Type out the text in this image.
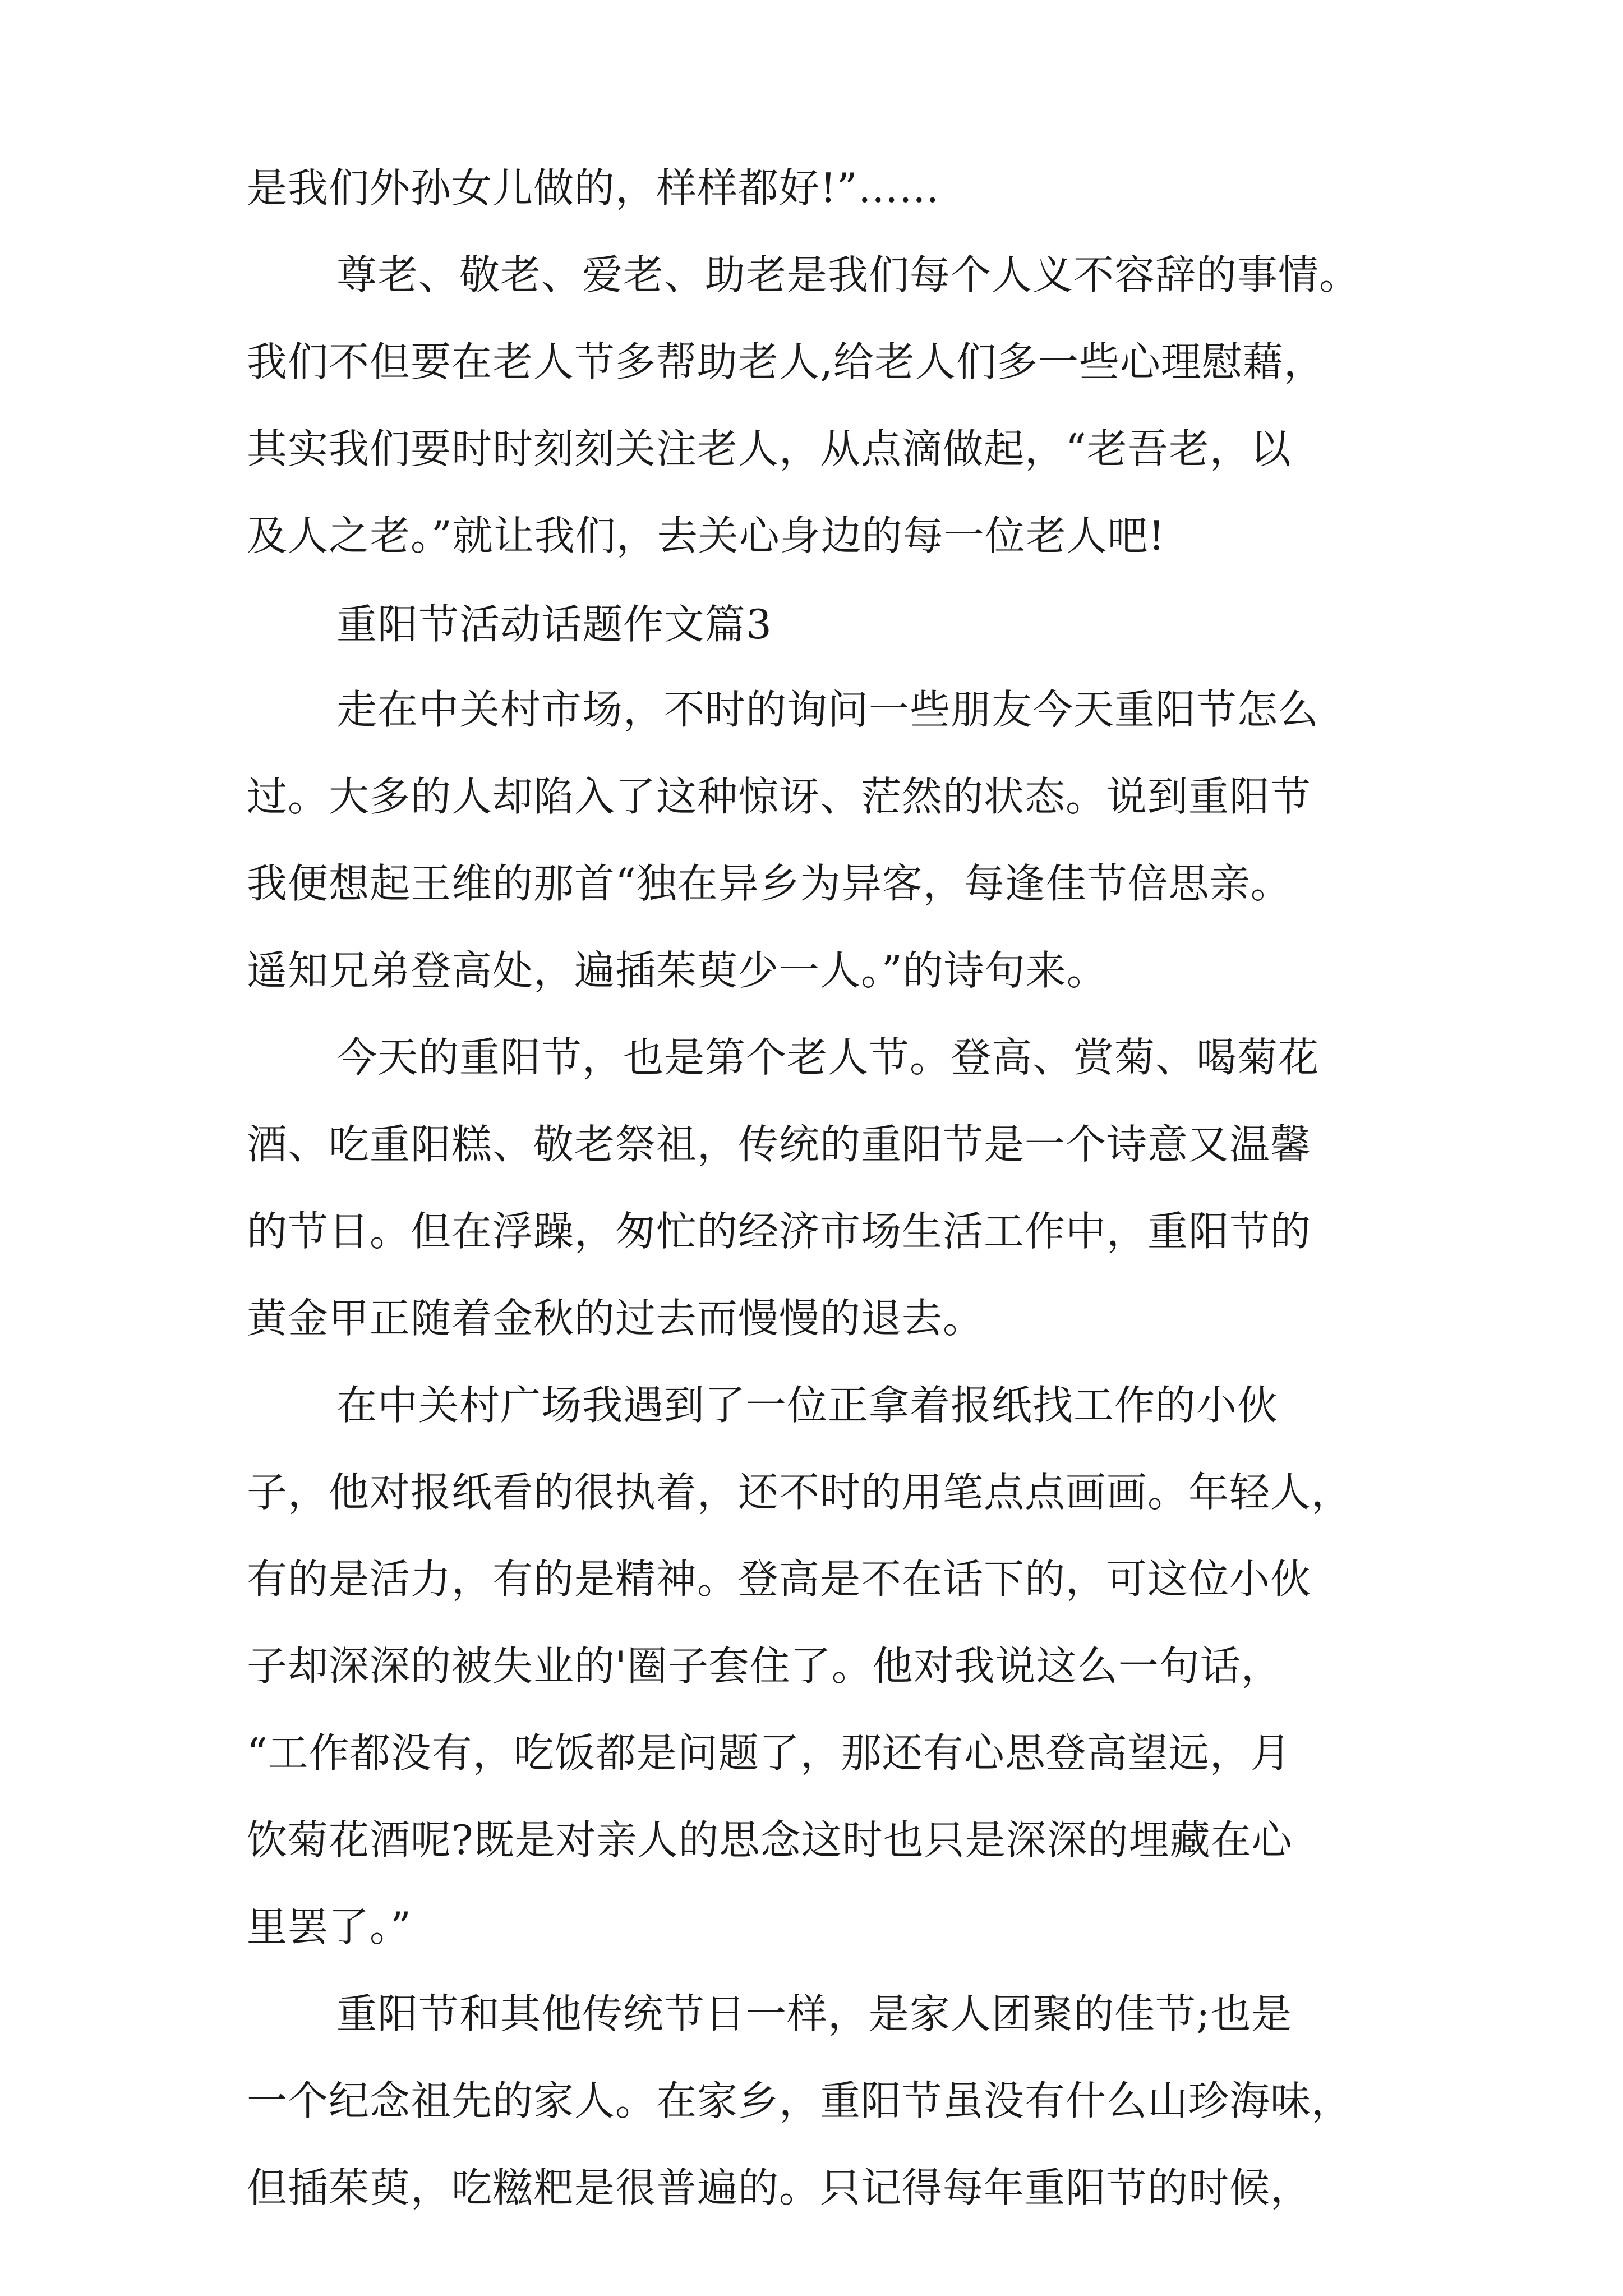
是我们外孙女儿做的，样样都好!”……
尊老、敬老、爱老、助老是我们每个人义不容辞的事情。
我们不但要在老人节多帮助老人,给老人们多一些心理慰藉，
其实我们要时时刻刻关注老人，从点滴做起，“老吾老，以
及人之老。”就让我们，去关心身边的每一位老人吧!
重阳节活动话题作文篇3
走在中关村市场，不时的询问一些朋友今天重阳节怎么
过。大多的人却陷入了这种惊讶、茫然的状态。说到重阳节
我便想起王维的那首“独在异乡为异客，每逢佳节倍思亲。
遥知兄弟登高处，遍插茱萸少一人。”的诗句来。
今天的重阳节，也是第个老人节。登高、赏菊、喝菊花
酒、吃重阳糕、敬老祭祖，传统的重阳节是一个诗意又温馨
的节日。但在浮躁，匆忙的经济市场生活工作中，重阳节的
黄金甲正随着金秋的过去而慢慢的退去。
在中关村广场我遇到了一位正拿着报纸找工作的小伙
子，他对报纸看的很执着，还不时的用笔点点画画。年轻人，
有的是活力，有的是精神。登高是不在话下的，可这位小伙
子却深深的被失业的'圈子套住了。他对我说这么一句话，
“工作都没有，吃饭都是问题了，那还有心思登高望远，月
饮菊花酒呢?既是对亲人的思念这时也只是深深的埋藏在心
里罢了。”
重阳节和其他传统节日一样，是家人团聚的佳节;也是
一个纪念祖先的家人。在家乡，重阳节虽没有什么山珍海味，
但插茱萸，吃糍粑是很普遍的。只记得每年重阳节的时候，
